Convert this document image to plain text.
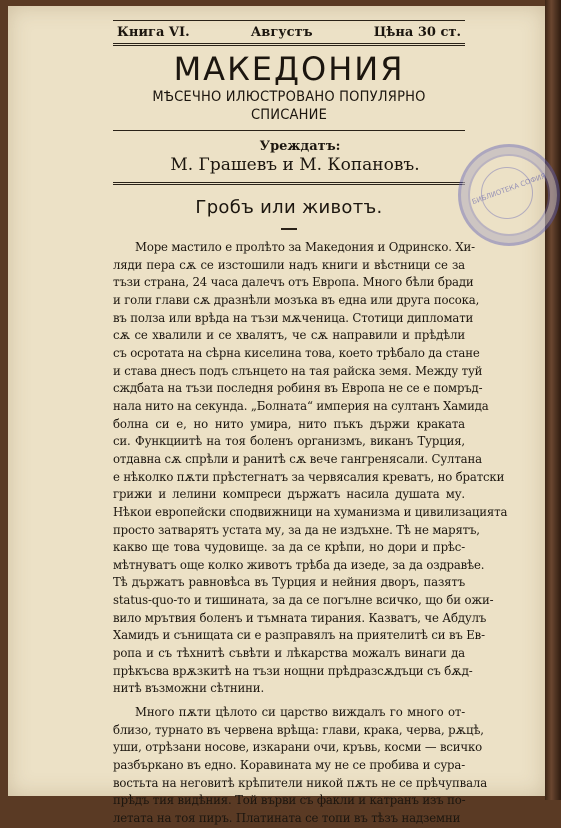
Книга VI.	Августъ	Цѣна 30 ст.
МАКЕДОНИЯ
МѢСЕЧНО ИЛЮСТРОВАНО ПОПУЛЯРНО СПИСАНИЕ
Уреждатъ:
М. Грашевъ и М. Копановъ.
Гробъ или животъ.
Море мастило е пролѣто за Македония и Одринско. Хи-
ляди пера сѫ се изстошили надъ книги и вѣстници се за
тъзи страна, 24 часа далечъ отъ Европа. Много бѣли бради
и голи глави сѫ дразнѣли мозъка въ една или друга посока,
въ полза или врѣда на тъзи мѫченица. Стотици дипломати
сѫ се хвалили и се хвалятъ, че сѫ направили и прѣдѣли
съ осротата на сѣрна киселина това, което трѣбало да стане
и става днесъ подъ слънцето на тая райска земя. Между туй
сждбата на тъзи последня робиня въ Европа не се е помръд-
нала нито на секунда. „Болната“ империя на султанъ Хамида
болна си е, но нито умира, нито пъкъ държи краката
си. Функциитѣ на тоя боленъ организмъ, виканъ Турция,
отдавна сѫ спрѣли и ранитѣ сѫ вече гангренясали. Султана
е нѣколко пѫти прѣстегнатъ за червясалия креватъ, но братски
грижи и лелини компреси държатъ насила душата му.
Нѣкои европейски сподвижници на хуманизма и цивилизацията
просто затварятъ устата му, за да не издъхне. Тѣ не марятъ,
какво ще това чудовище. за да се крѣпи, но дори и прѣс-
мѣтнуватъ още колко животъ трѣба да изеде, за да оздравѣе.
Тѣ държатъ равновѣса въ Турция и нейния дворъ, пазятъ
status-quo-то и тишината, за да се погълне всичко, що би ожи-
вило мрътвия боленъ и тъмната тирания. Казватъ, че Абдулъ
Хамидъ и сънищата си е разправялъ на приятелитѣ си въ Ев-
ропа и съ тѣхнитѣ съвѣти и лѣкарства можалъ винаги да
прѣкъсва врѫзкитѣ на тъзи нощни прѣдразсѫдъци съ бѫд-
нитѣ възможни сѣтнини.
Много пѫти цѣлото си царство виждалъ го много от-
близо, турнато въ червена врѣща: глави, крака, черва, рѫцѣ,
уши, отрѣзани носове, изкарани очи, кръвь, косми — всичко
разбъркано въ едно. Коравината му не се пробива и сура-
востьта на неговитѣ крѣпители никой пѫть не се прѣчупвала
прѣдъ тия видѣния. Той върви съ факли и катранъ изъ по-
летата на тоя пиръ. Платината се топи въ тѣзъ надземни
БИБЛИОТЕКА СОФИЯ
